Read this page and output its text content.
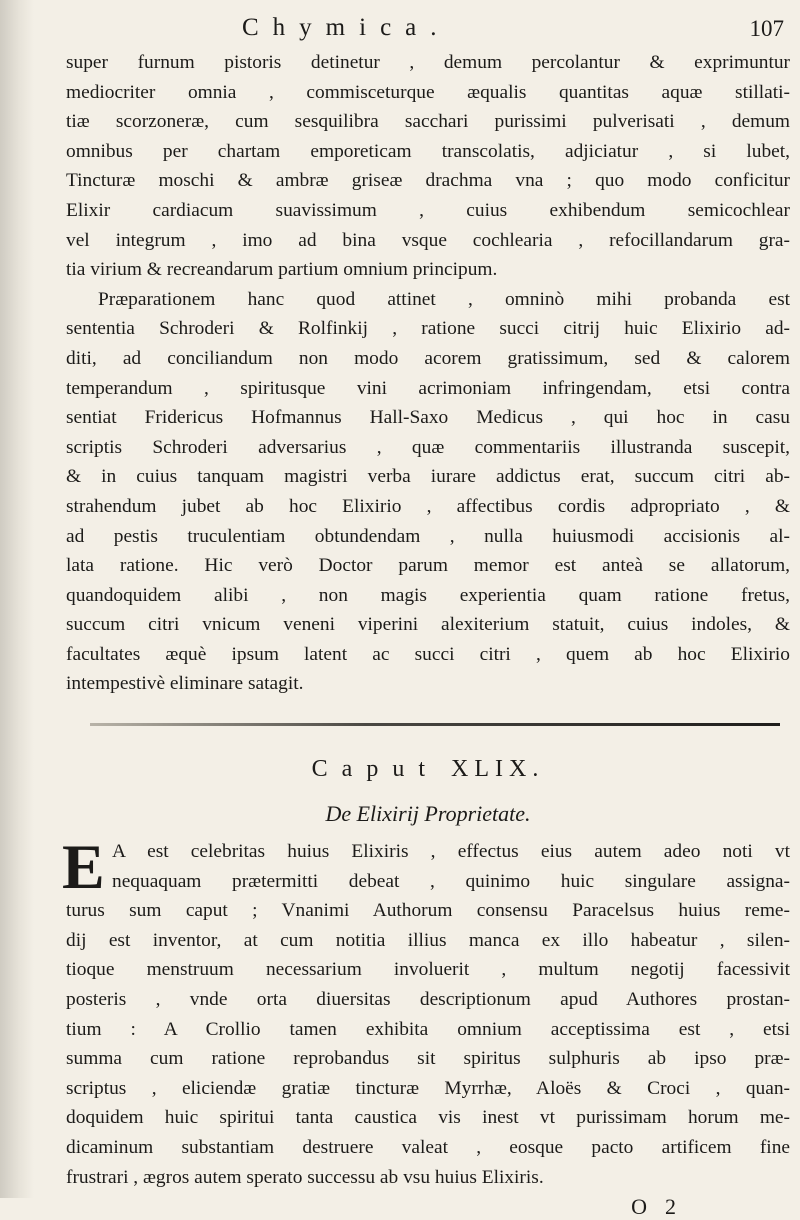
Chymica.	107
super furnum pistoris detinetur , demum percolantur & exprimuntur
mediocriter omnia , commisceturque æqualis quantitas aquæ stillati-
tiæ scorzoneræ, cum sesquilibra sacchari purissimi pulverisati , demum
omnibus per chartam emporeticam transcolatis, adjiciatur , si lubet,
Tincturæ moschi & ambræ griseæ drachma vna ; quo modo conficitur
Elixir cardiacum suavissimum , cuius exhibendum semicochlear
vel integrum , imo ad bina vsque cochlearia , refocillandarum gra-
tia virium & recreandarum partium omnium principum.
Præparationem hanc quod attinet , omninò mihi probanda est
sententia Schroderi & Rolfinkij , ratione succi citrij huic Elixirio ad-
diti, ad conciliandum non modo acorem gratissimum, sed & calorem
temperandum , spiritusque vini acrimoniam infringendam, etsi contra
sentiat Fridericus Hofmannus Hall-Saxo Medicus , qui hoc in casu
scriptis Schroderi adversarius , quæ commentariis illustranda suscepit,
& in cuius tanquam magistri verba iurare addictus erat, succum citri ab-
strahendum jubet ab hoc Elixirio , affectibus cordis adpropriato , &
ad pestis truculentiam obtundendam , nulla huiusmodi accisionis al-
lata ratione. Hic verò Doctor parum memor est anteà se allatorum,
quandoquidem alibi , non magis experientia quam ratione fretus,
succum citri vnicum veneni viperini alexiterium statuit, cuius indoles, &
facultates æquè ipsum latent ac succi citri , quem ab hoc Elixirio
intempestivè eliminare satagit.
Caput XLIX.
De Elixirij Proprietate.
E A est celebritas huius Elixiris , effectus eius autem adeo noti vt
nequaquam prætermitti debeat , quinimo huic singulare assigna-
turus sum caput ; Vnanimi Authorum consensu Paracelsus huius reme-
dij est inventor, at cum notitia illius manca ex illo habeatur , silen-
tioque menstruum necessarium involuerit , multum negotij facessivit
posteris , vnde orta diuersitas descriptionum apud Authores prostan-
tium : A Crollio tamen exhibita omnium acceptissima est , etsi
summa cum ratione reprobandus sit spiritus sulphuris ab ipso præ-
scriptus , eliciendæ gratiæ tincturæ Myrrhæ, Aloës & Croci , quan-
doquidem huic spiritui tanta caustica vis inest vt purissimam horum me-
dicaminum substantiam destruere valeat , eosque pacto artificem fine
frustrari , ægros autem sperato successu ab vsu huius Elixiris.
O 2
